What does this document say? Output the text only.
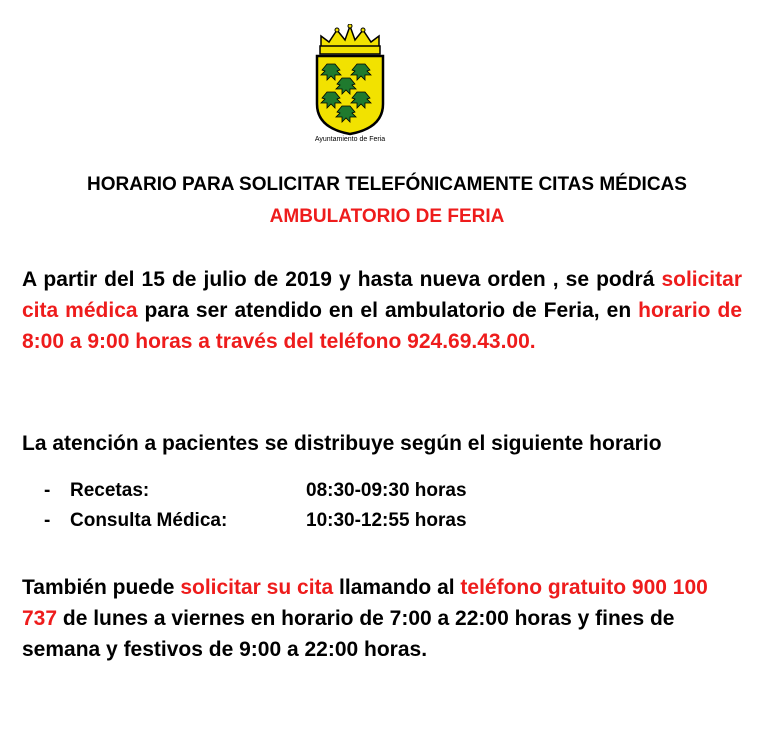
Ayuntamiento de Feria
HORARIO PARA SOLICITAR TELEFÓNICAMENTE CITAS MÉDICAS
AMBULATORIO DE FERIA
A partir del 15 de julio de 2019 y hasta nueva orden , se podrá solicitar cita médica para ser atendido en el ambulatorio de Feria, en horario de 8:00 a 9:00 horas a través del teléfono 924.69.43.00.
La atención a pacientes se distribuye según el siguiente horario
- Recetas:	08:30-09:30 horas
- Consulta Médica:	10:30-12:55 horas
También puede solicitar su cita llamando al teléfono gratuito 900 100 737 de lunes a viernes en horario de 7:00 a 22:00 horas y fines de semana y festivos de 9:00 a 22:00 horas.
